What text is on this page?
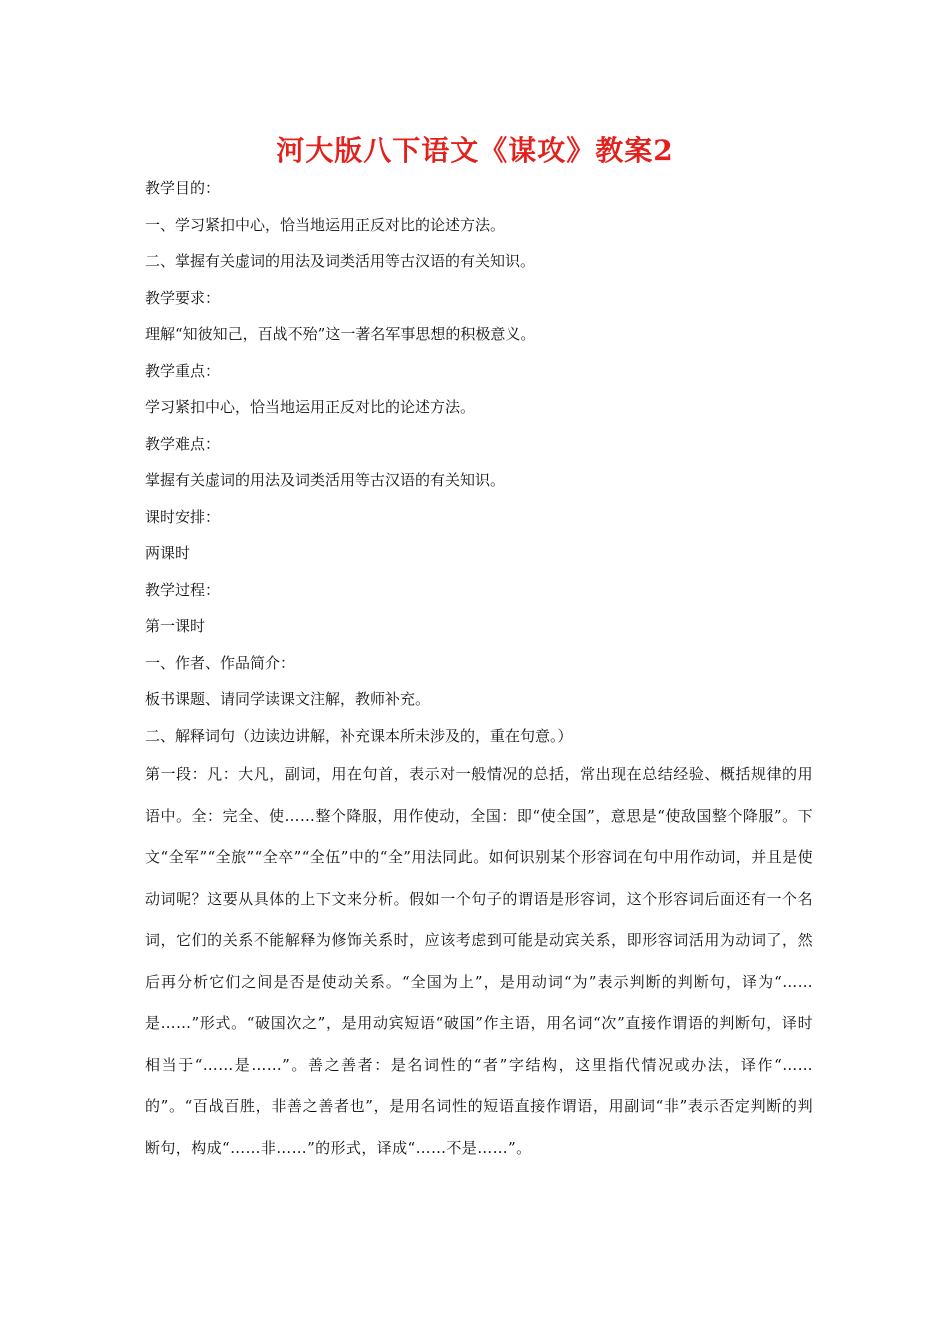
河大版八下语文《谋攻》教案2
教学目的：
一、学习紧扣中心，恰当地运用正反对比的论述方法。
二、掌握有关虚词的用法及词类活用等古汉语的有关知识。
教学要求：
理解“知彼知己，百战不殆”这一著名军事思想的积极意义。
教学重点：
学习紧扣中心，恰当地运用正反对比的论述方法。
教学难点：
掌握有关虚词的用法及词类活用等古汉语的有关知识。
课时安排：
两课时
教学过程：
第一课时
一、作者、作品简介：
板书课题、请同学读课文注解，教师补充。
二、解释词句（边读边讲解，补充课本所未涉及的，重在句意。）

第一段：凡：大凡，副词，用在句首，表示对一般情况的总括，常出现在总结经验、概括规律的用语中。全：完全、使……整个降服，用作使动，全国：即“使全国”，意思是“使敌国整个降服”。下文“全军”“全旅”“全卒”“全伍”中的“全”用法同此。如何识别某个形容词在句中用作动词，并且是使动词呢？这要从具体的上下文来分析。假如一个句子的谓语是形容词，这个形容词后面还有一个名词，它们的关系不能解释为修饰关系时，应该考虑到可能是动宾关系，即形容词活用为动词了，然后再分析它们之间是否是使动关系。“全国为上”，是用动词“为”表示判断的判断句，译为“……是……”形式。“破国次之”，是用动宾短语“破国”作主语，用名词“次”直接作谓语的判断句，译时相当于“……是……”。善之善者：是名词性的“者”字结构，这里指代情况或办法，译作“……的”。“百战百胜，非善之善者也”，是用名词性的短语直接作谓语，用副词“非”表示否定判断的判断句，构成“……非……”的形式，译成“……不是……”。
